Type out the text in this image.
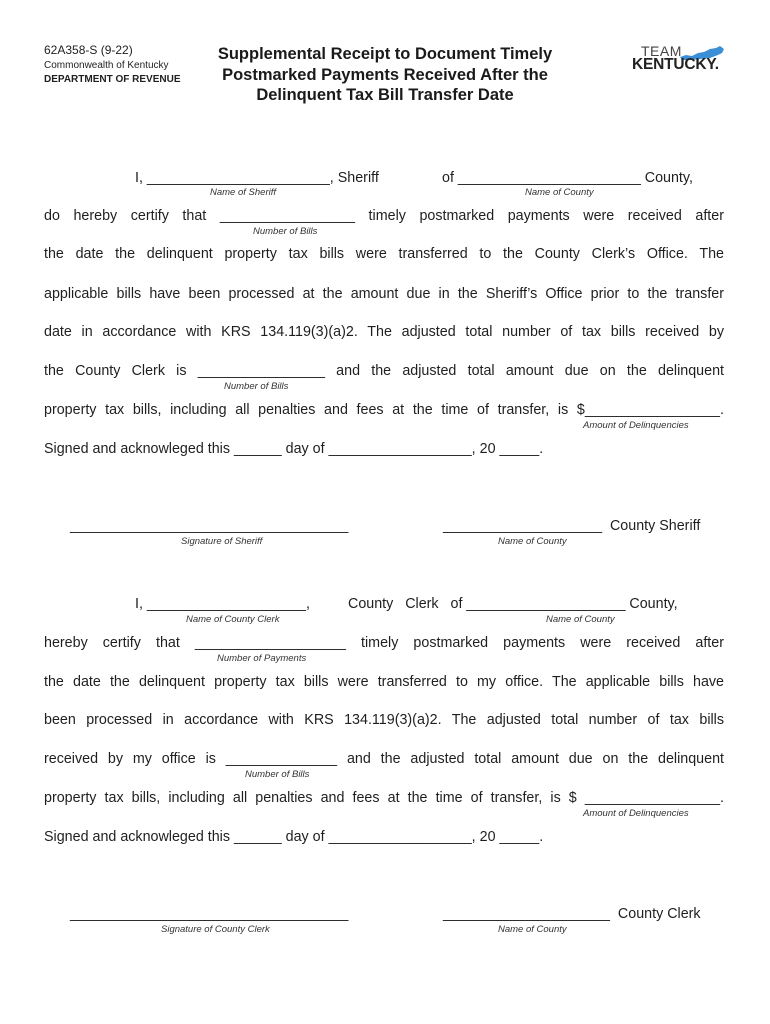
62A358-S (9-22)
Commonwealth of Kentucky
DEPARTMENT OF REVENUE
Supplemental Receipt to Document Timely Postmarked Payments Received After the Delinquent Tax Bill Transfer Date
TEAM
KENTUCKY.
I, _______________________, Sheriff	of _______________________ County,
Name of Sheriff	Name of County
do hereby certify that _________________ timely postmarked payments were received after
Number of Bills
the date the delinquent property tax bills were transferred to the County Clerk’s Office. The
applicable bills have been processed at the amount due in the Sheriff’s Office prior to the transfer
date in accordance with KRS 134.119(3)(a)2. The adjusted total number of tax bills received by
the County Clerk is ________________ and the adjusted total amount due on the delinquent
Number of Bills
property tax bills, including all penalties and fees at the time of transfer, is $_________________.
Amount of Delinquencies
Signed and acknowleged this ______ day of __________________, 20 _____.
___________________________________
Signature of Sheriff
____________________  County Sheriff
Name of County
I, ____________________,	County   Clerk   of ____________________ County,
Name of County Clerk	Name of County
hereby certify that ___________________ timely postmarked payments were received after
Number of Payments
the date the delinquent property tax bills were transferred to my office. The applicable bills have
been processed in accordance with KRS 134.119(3)(a)2. The adjusted total number of tax bills
received by my office is ______________ and the adjusted total amount due on the delinquent
Number of Bills
property tax bills, including all penalties and fees at the time of transfer, is $ _________________.
Amount of Delinquencies
Signed and acknowleged this ______ day of __________________, 20 _____.
___________________________________
Signature of County Clerk
_____________________  County Clerk
Name of County
